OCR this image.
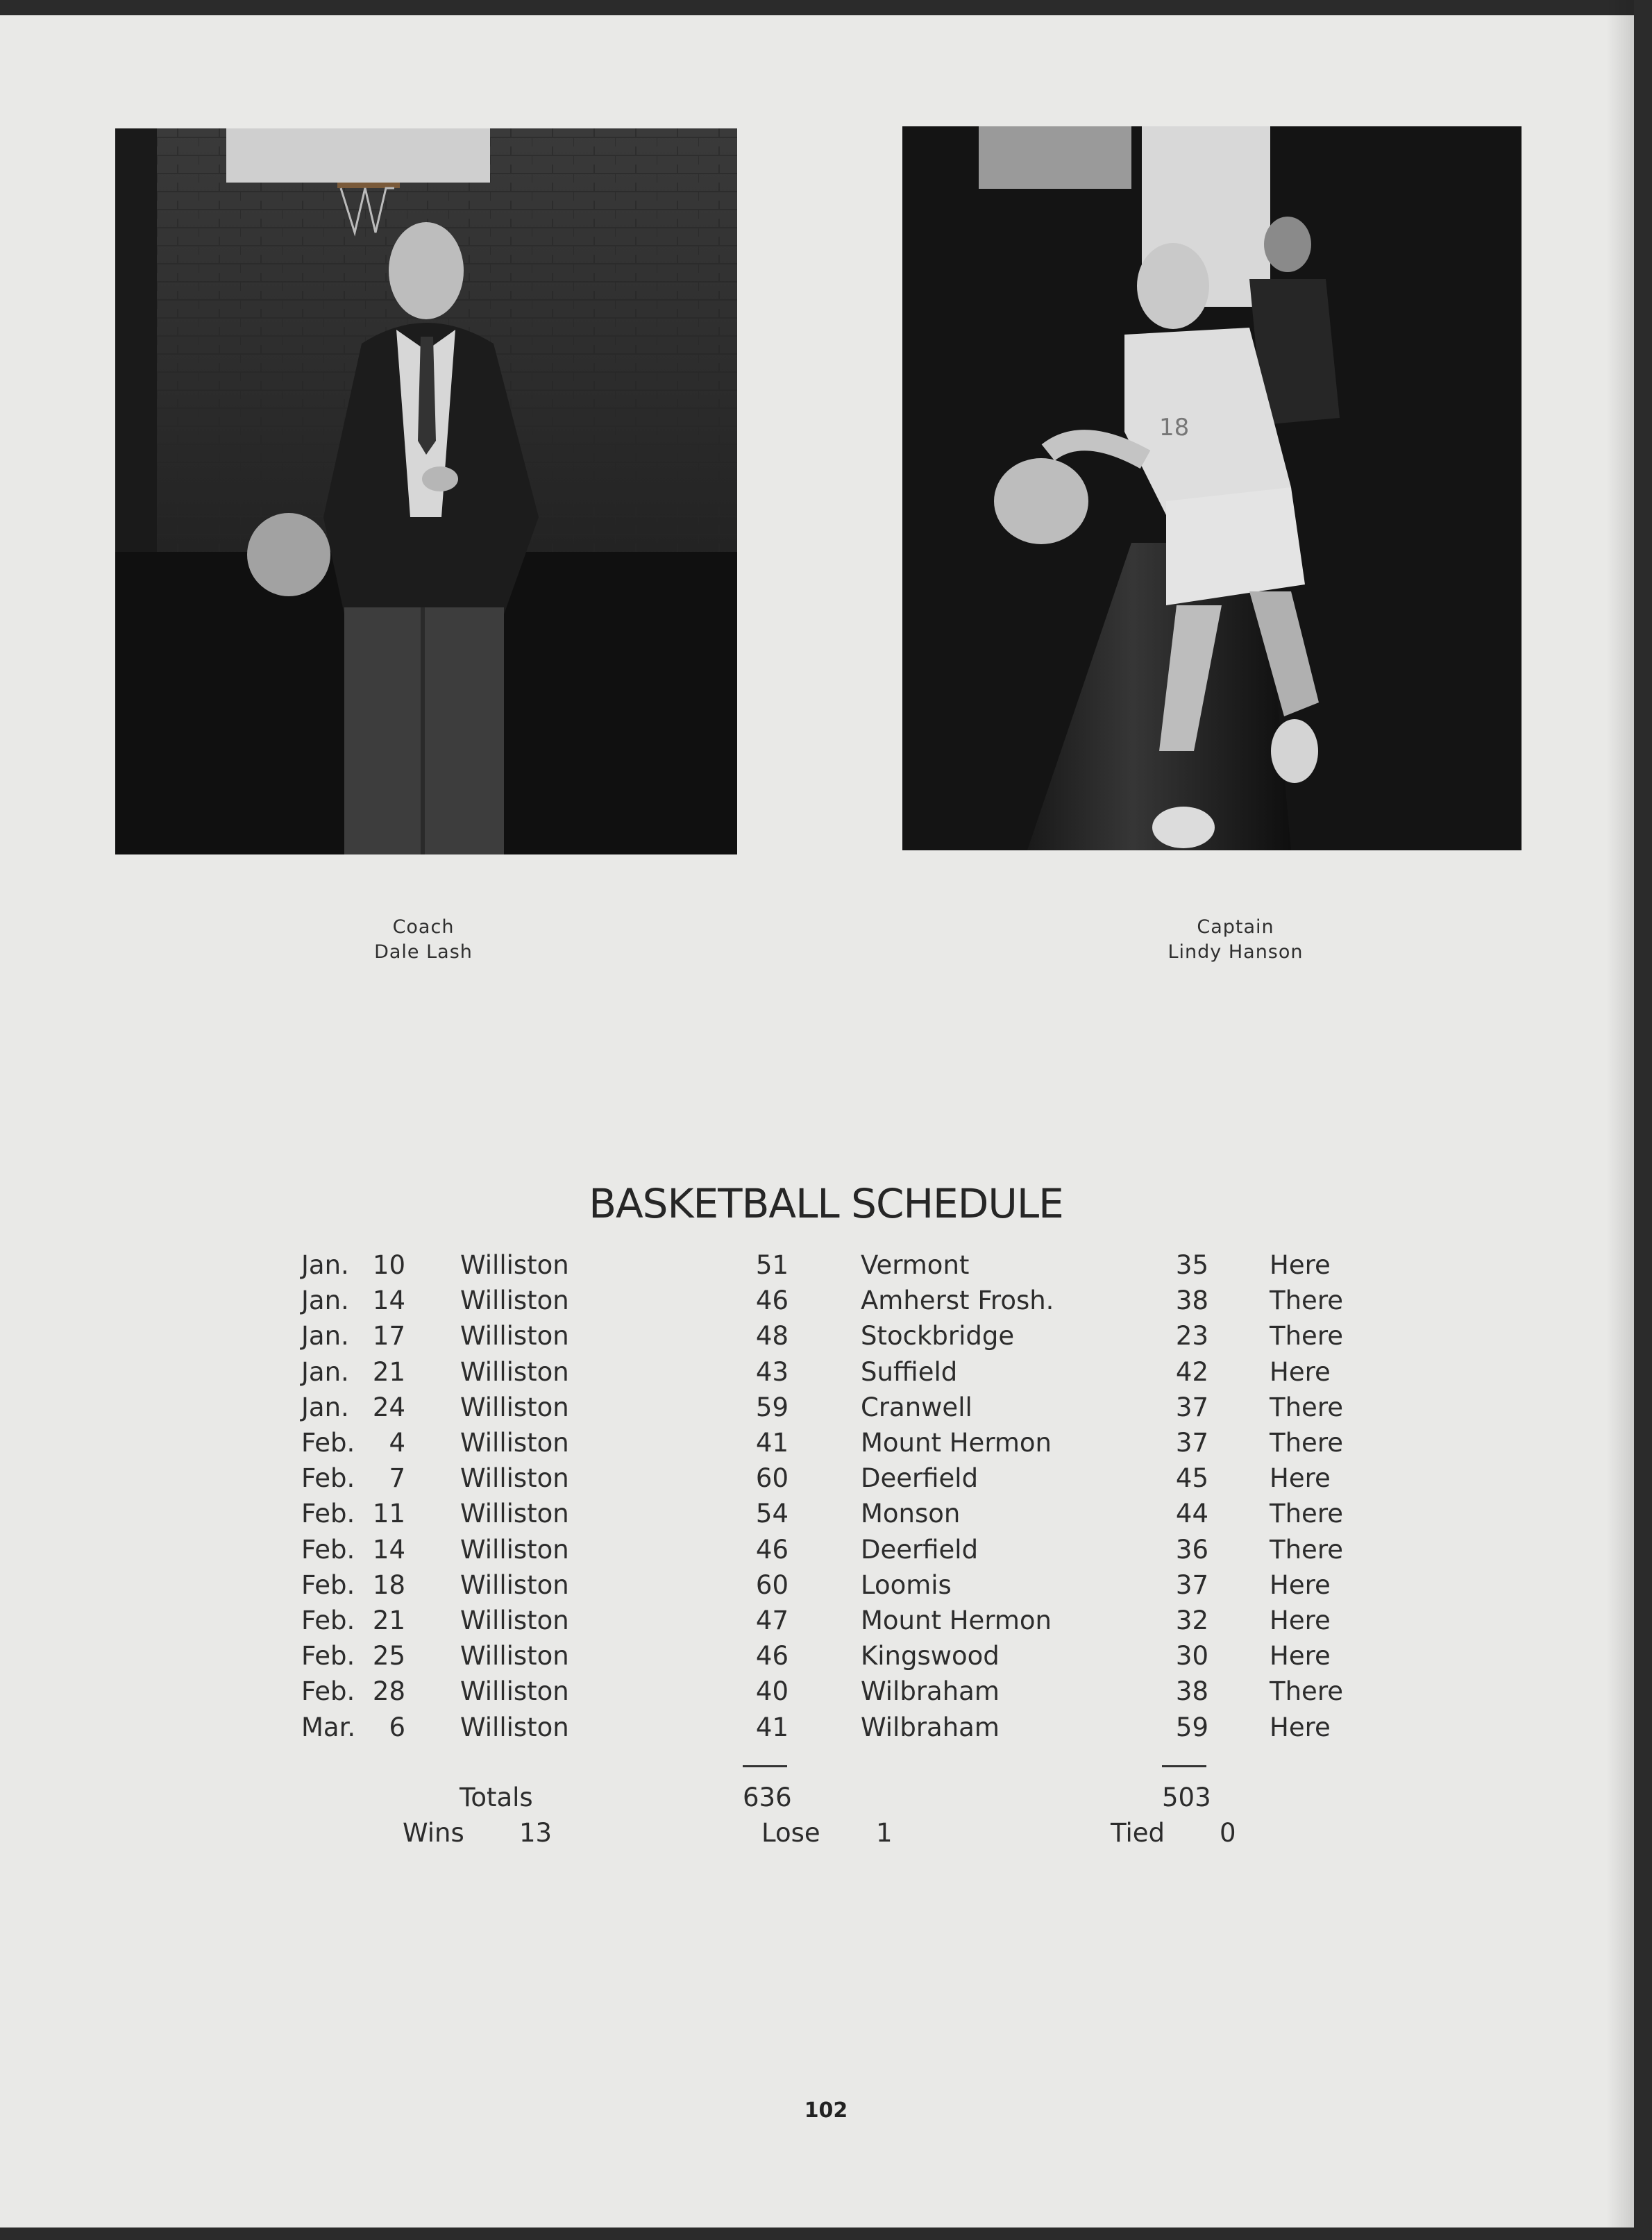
18
Coach
Dale Lash
Captain
Lindy Hanson
BASKETBALL SCHEDULE
Jan. 10 Williston	51	Vermont	35 Here
Jan. 14 Williston	46	Amherst Frosh.	38 There
Jan. 17 Williston	48	Stockbridge	23 There
Jan. 21 Williston	43	Suffield	42 Here
Jan. 24 Williston	59	Cranwell	37 There
Feb.	4 Williston	41	Mount Hermon	37 There
Feb.	7 Williston	60	Deerfield	45 Here
Feb. 11 Williston	54	Monson	44 There
Feb. 14 Williston	46	Deerfield	36 There
Feb. 18 Williston	60	Loomis	37 Here
Feb. 21 Williston	47	Mount Hermon	32 Here
Feb. 25 Williston	46	Kingswood	30 Here
Feb. 28 Williston	40	Wilbraham	38 There
Mar.	6 Williston	41	Wilbraham	59 Here
Totals	636	503
Wins 13	Lose 1	Tied 0
102
